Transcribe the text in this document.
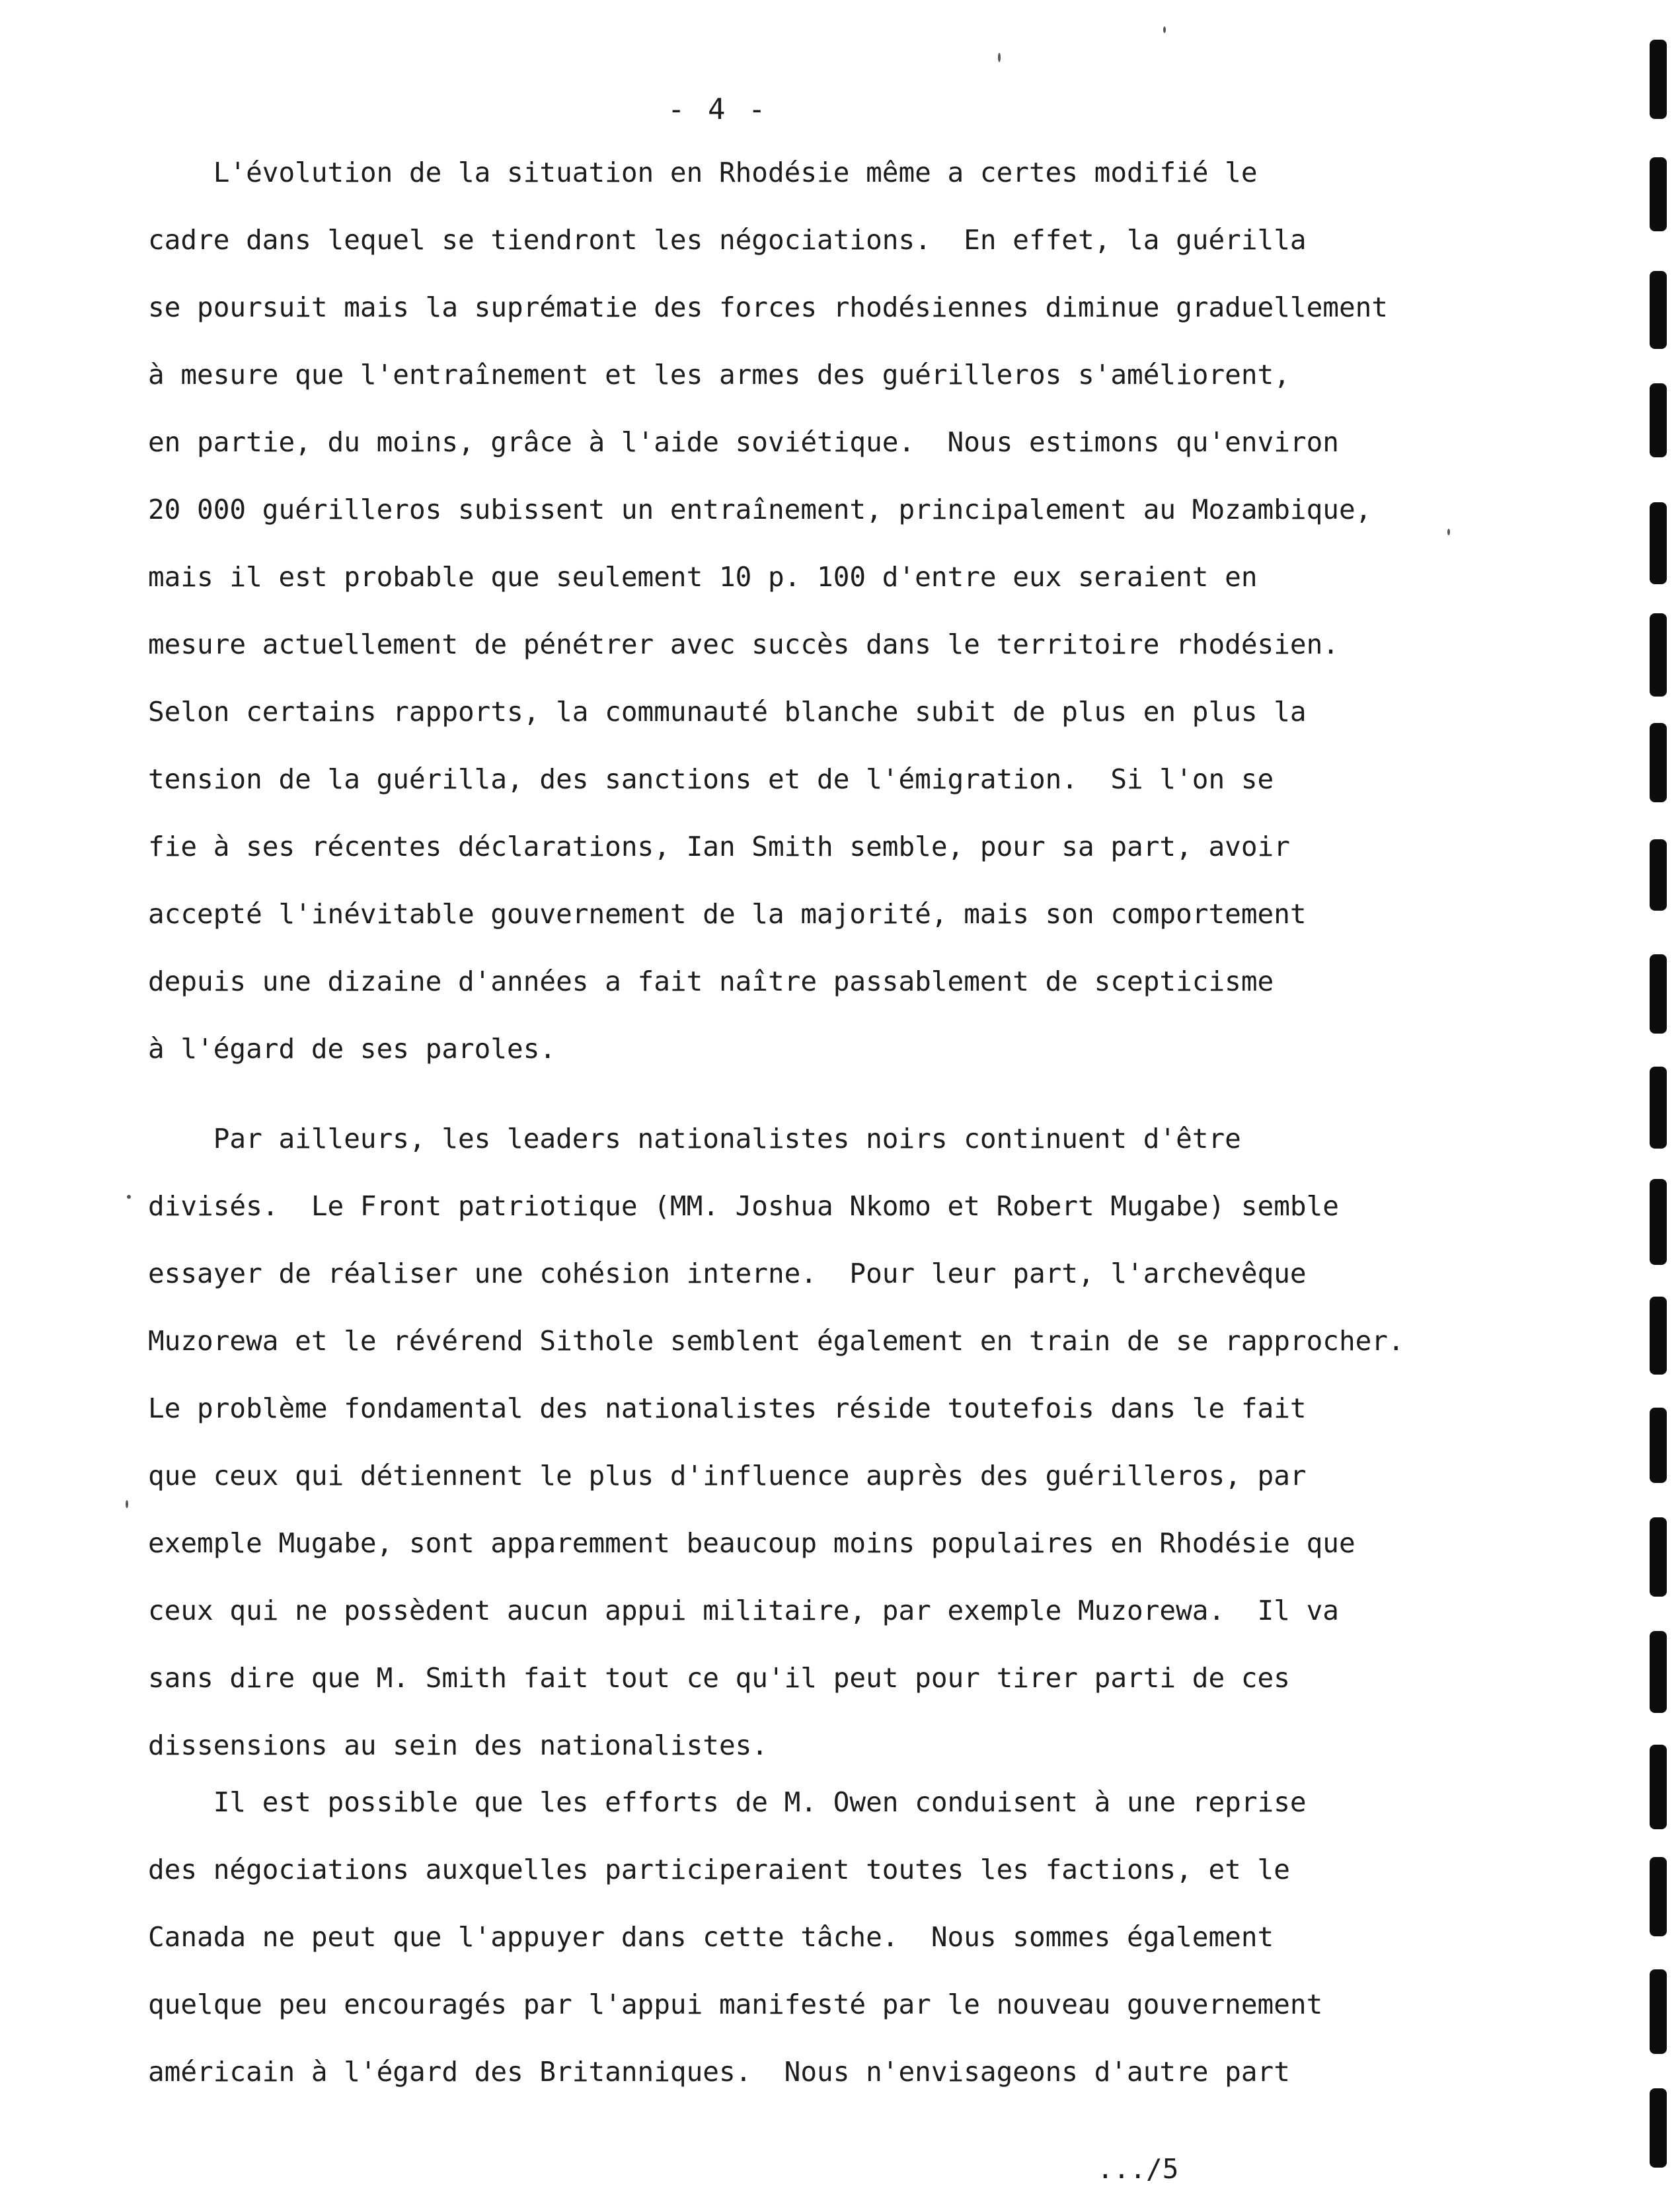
- 4 -
L'évolution de la situation en Rhodésie même a certes modifié le
cadre dans lequel se tiendront les négociations.  En effet, la guérilla
se poursuit mais la suprématie des forces rhodésiennes diminue graduellement
à mesure que l'entraînement et les armes des guérilleros s'améliorent,
en partie, du moins, grâce à l'aide soviétique.  Nous estimons qu'environ
20 000 guérilleros subissent un entraînement, principalement au Mozambique,
mais il est probable que seulement 10 p. 100 d'entre eux seraient en
mesure actuellement de pénétrer avec succès dans le territoire rhodésien.
Selon certains rapports, la communauté blanche subit de plus en plus la
tension de la guérilla, des sanctions et de l'émigration.  Si l'on se
fie à ses récentes déclarations, Ian Smith semble, pour sa part, avoir
accepté l'inévitable gouvernement de la majorité, mais son comportement
depuis une dizaine d'années a fait naître passablement de scepticisme
à l'égard de ses paroles.
Par ailleurs, les leaders nationalistes noirs continuent d'être
divisés.  Le Front patriotique (MM. Joshua Nkomo et Robert Mugabe) semble
essayer de réaliser une cohésion interne.  Pour leur part, l'archevêque
Muzorewa et le révérend Sithole semblent également en train de se rapprocher.
Le problème fondamental des nationalistes réside toutefois dans le fait
que ceux qui détiennent le plus d'influence auprès des guérilleros, par
exemple Mugabe, sont apparemment beaucoup moins populaires en Rhodésie que
ceux qui ne possèdent aucun appui militaire, par exemple Muzorewa.  Il va
sans dire que M. Smith fait tout ce qu'il peut pour tirer parti de ces
dissensions au sein des nationalistes.
Il est possible que les efforts de M. Owen conduisent à une reprise
des négociations auxquelles participeraient toutes les factions, et le
Canada ne peut que l'appuyer dans cette tâche.  Nous sommes également
quelque peu encouragés par l'appui manifesté par le nouveau gouvernement
américain à l'égard des Britanniques.  Nous n'envisageons d'autre part
.../5
